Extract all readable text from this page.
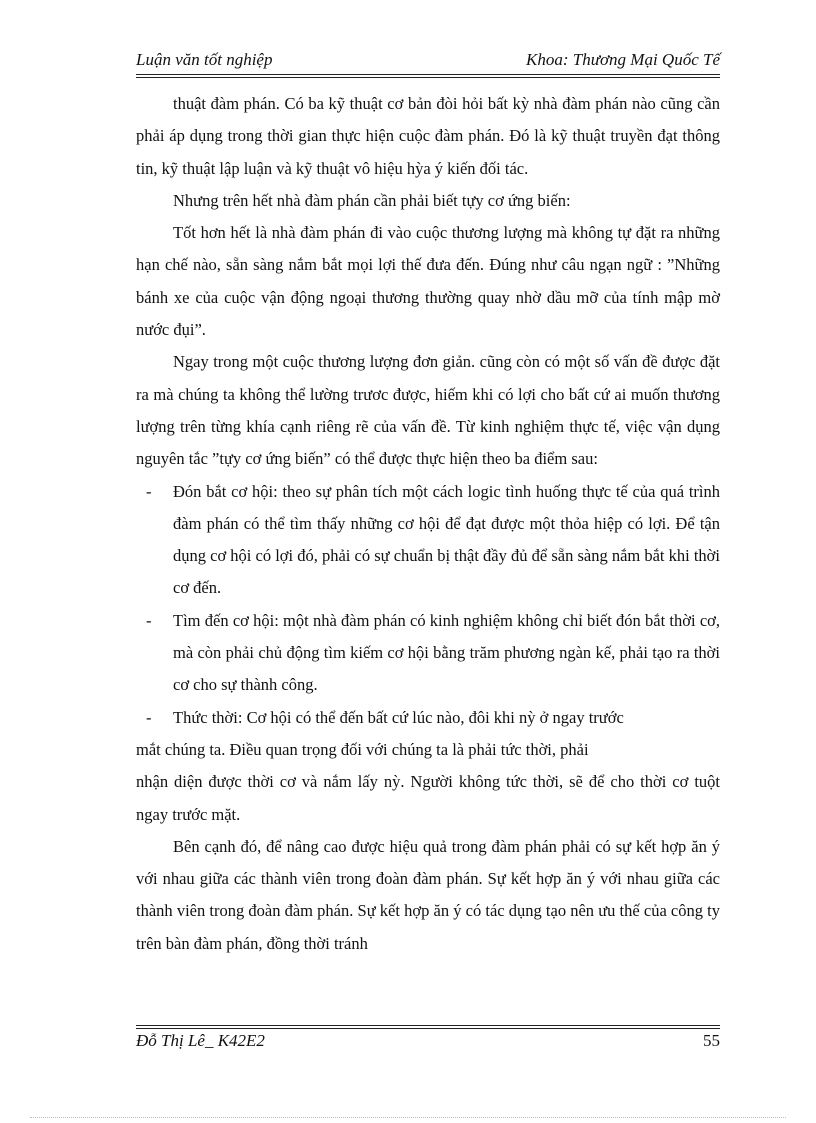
Luận văn tốt nghiệp	Khoa: Thương Mại Quốc Tế

thuật đàm phán. Có ba kỹ thuật cơ bản đòi hỏi bất kỳ nhà đàm phán nào cũng cần phải áp dụng trong thời gian thực hiện cuộc đàm phán. Đó là kỹ thuật truyền đạt thông tin, kỹ thuật lập luận và kỹ thuật vô hiệu hỳa ý kiến đối tác.

Nhưng trên hết nhà đàm phán cần phải biết tựy cơ ứng biến:

Tốt hơn hết là nhà đàm phán đi vào cuộc thương lượng mà không tự đặt ra những hạn chế nào, sẵn sàng nắm bắt mọi lợi thế đưa đến. Đúng như câu ngạn ngữ : ”Những bánh xe của cuộc vận động ngoại thương thường quay nhờ dầu mỡ của tính mập mờ nước đụi”.

Ngay trong một cuộc thương lượng đơn giản. cũng còn có một số vấn đề được đặt ra mà chúng ta không thể lường trươc được, hiếm khi có lợi cho bất cứ ai muốn thương lượng trên từng khía cạnh riêng rẽ của vấn đề. Từ kinh nghiệm thực tế, việc vận dụng nguyên tắc ”tựy cơ ứng biến” có thể được thực hiện theo ba điểm sau:

- Đón bắt cơ hội: theo sự phân tích một cách logic tình huống thực tế của quá trình đàm phán có thể tìm thấy những cơ hội để đạt được một thỏa hiệp có lợi. Để tận dụng cơ hội có lợi đó, phải có sự chuẩn bị thật đầy đủ để sẵn sàng nắm bắt khi thời cơ đến.
- Tìm đến cơ hội: một nhà đàm phán có kinh nghiệm không chỉ biết đón bắt thời cơ, mà còn phải chủ động tìm kiếm cơ hội bằng trăm phương ngàn kế, phải tạo ra thời cơ cho sự thành công.
- Thức thời: Cơ hội có thể đến bất cứ lúc nào, đôi khi nỳ ở ngay trước

mắt chúng ta. Điều quan trọng đối với chúng ta là phải tức thời, phải

nhận diện được thời cơ và nắm lấy nỳ. Người không tức thời, sẽ để cho thời cơ tuột ngay trước mặt.

Bên cạnh đó, để nâng cao được hiệu quả trong đàm phán phải có sự kết hợp ăn ý với nhau giữa các thành viên trong đoàn đàm phán. Sự kết hợp ăn ý với nhau giữa các thành viên trong đoàn đàm phán. Sự kết hợp ăn ý có tác dụng tạo nên ưu thế của công ty trên bàn đàm phán, đồng thời tránh

Đỗ Thị Lê_ K42E2	55
